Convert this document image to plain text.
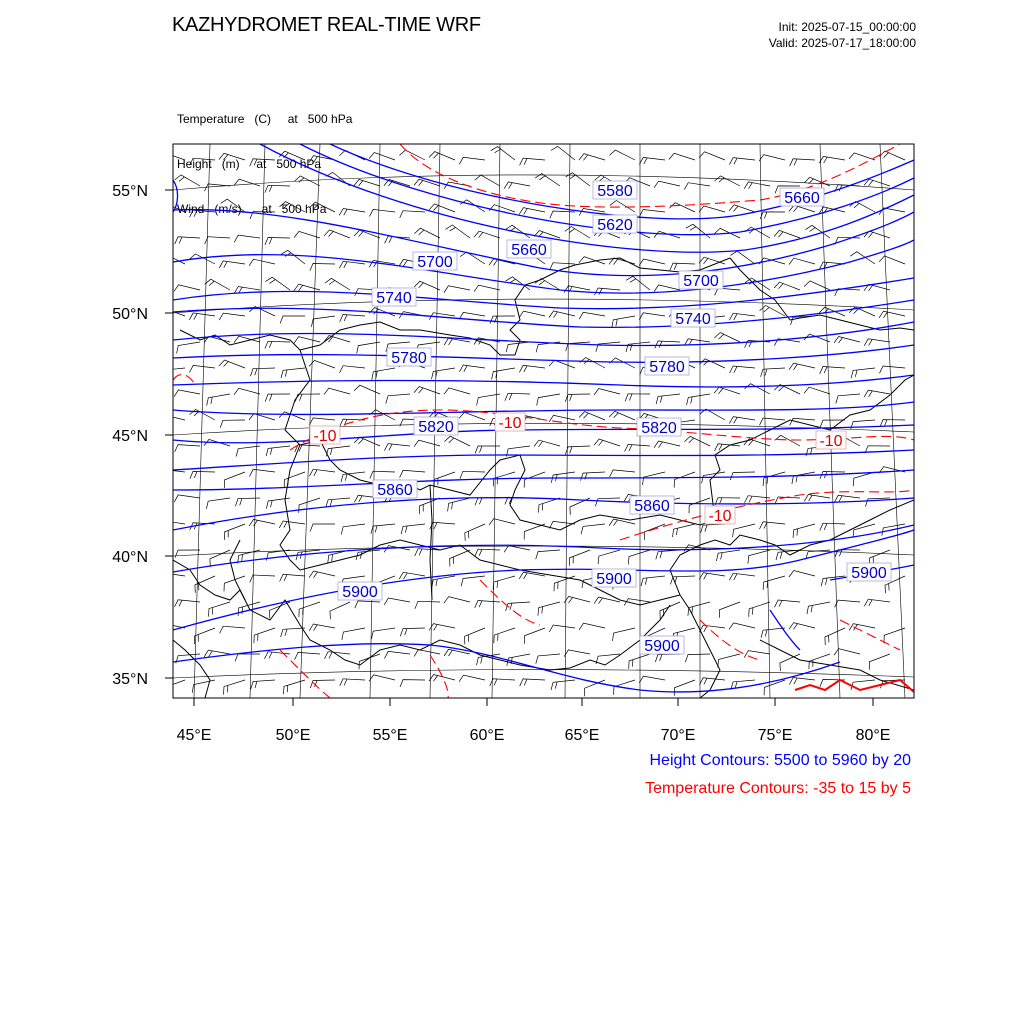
KAZHYDROMET REAL-TIME WRF	Init: 2025-07-15_00:00:00
Valid: 2025-07-17_18:00:00

Temperature   (C)     at   500 hPa

Height   (m)     at   500 hPa

Wind   (m/s)      at   500 hPa

45°E	50°E	55°E	60°E	65°E	70°E	75°E	80°E
55°N
50°N
45°N
40°N
35°N
5580
5620
5660
5660
5700
5700
5740
5740
5780
5780
5820	5820
5860
5860
5900	5900
5900
5900
-10
-10
-10
-10
Height Contours: 5500 to 5960 by 20
Temperature Contours: -35 to 15 by 5
